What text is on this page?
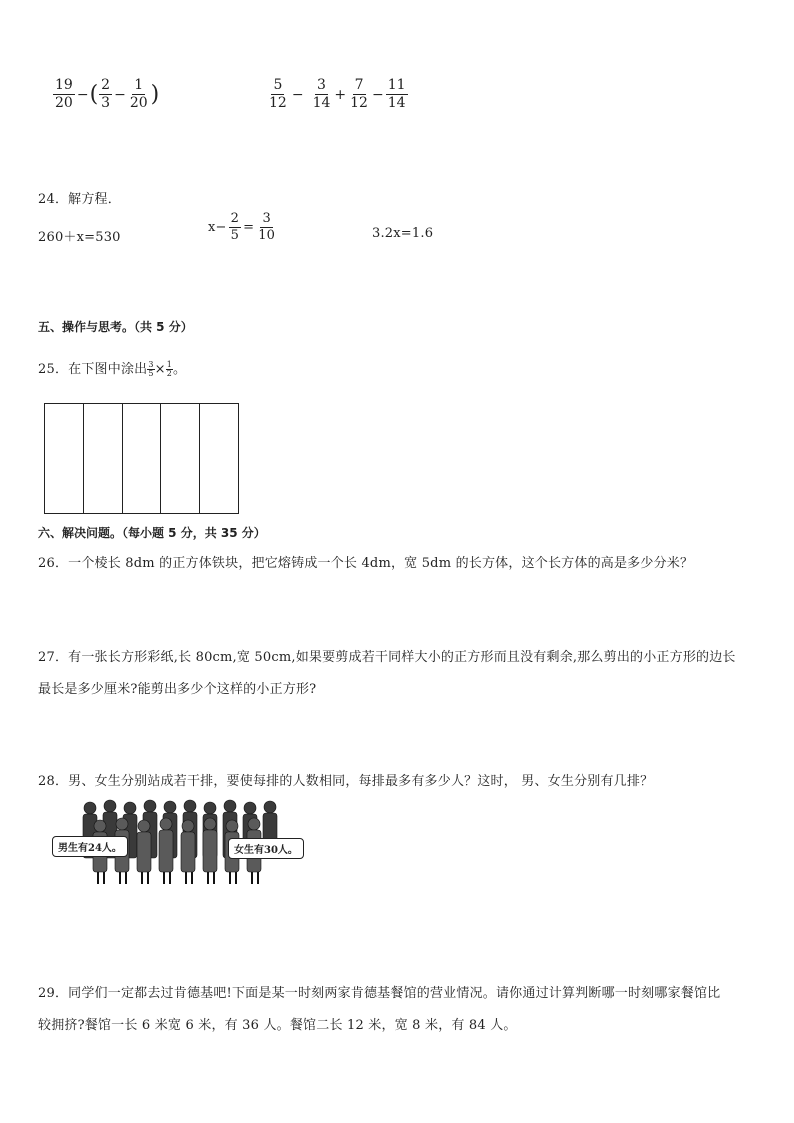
$\frac{19}{20}$ −( $\frac{2}{3} - \frac{1}{20}$ )	$\frac{5}{12} - \frac{3}{14} + \frac{7}{12} - \frac{11}{14}$
24．解方程．
260＋x=530
$x- \frac{2}{5} = \frac{3}{10}$	3.2x=1.6
五、操作与思考。（共 5 分）
25．在下图中涂出 $\frac{3}{5} \times \frac{1}{2}$ 。
六、解决问题。（每小题 5 分，共 35 分）
26．一个棱长 8dm 的正方体铁块，把它熔铸成一个长 4dm，宽 5dm 的长方体，这个长方体的高是多少分米？
27．有一张长方形彩纸,长 80cm,宽 50cm,如果要剪成若干同样大小的正方形而且没有剩余,那么剪出的小正方形的边长
最长是多少厘米?能剪出多少个这样的小正方形?
28．男、女生分别站成若干排，要使每排的人数相同，每排最多有多少人？这时， 男、女生分别有几排？
男生有24人。	女生有30人。
29．同学们一定都去过肯德基吧!下面是某一时刻两家肯德基餐馆的营业情况。请你通过计算判断哪一时刻哪家餐馆比
较拥挤?餐馆一长 6 米宽 6 米，有 36 人。餐馆二长 12 米，宽 8 米，有 84 人。
